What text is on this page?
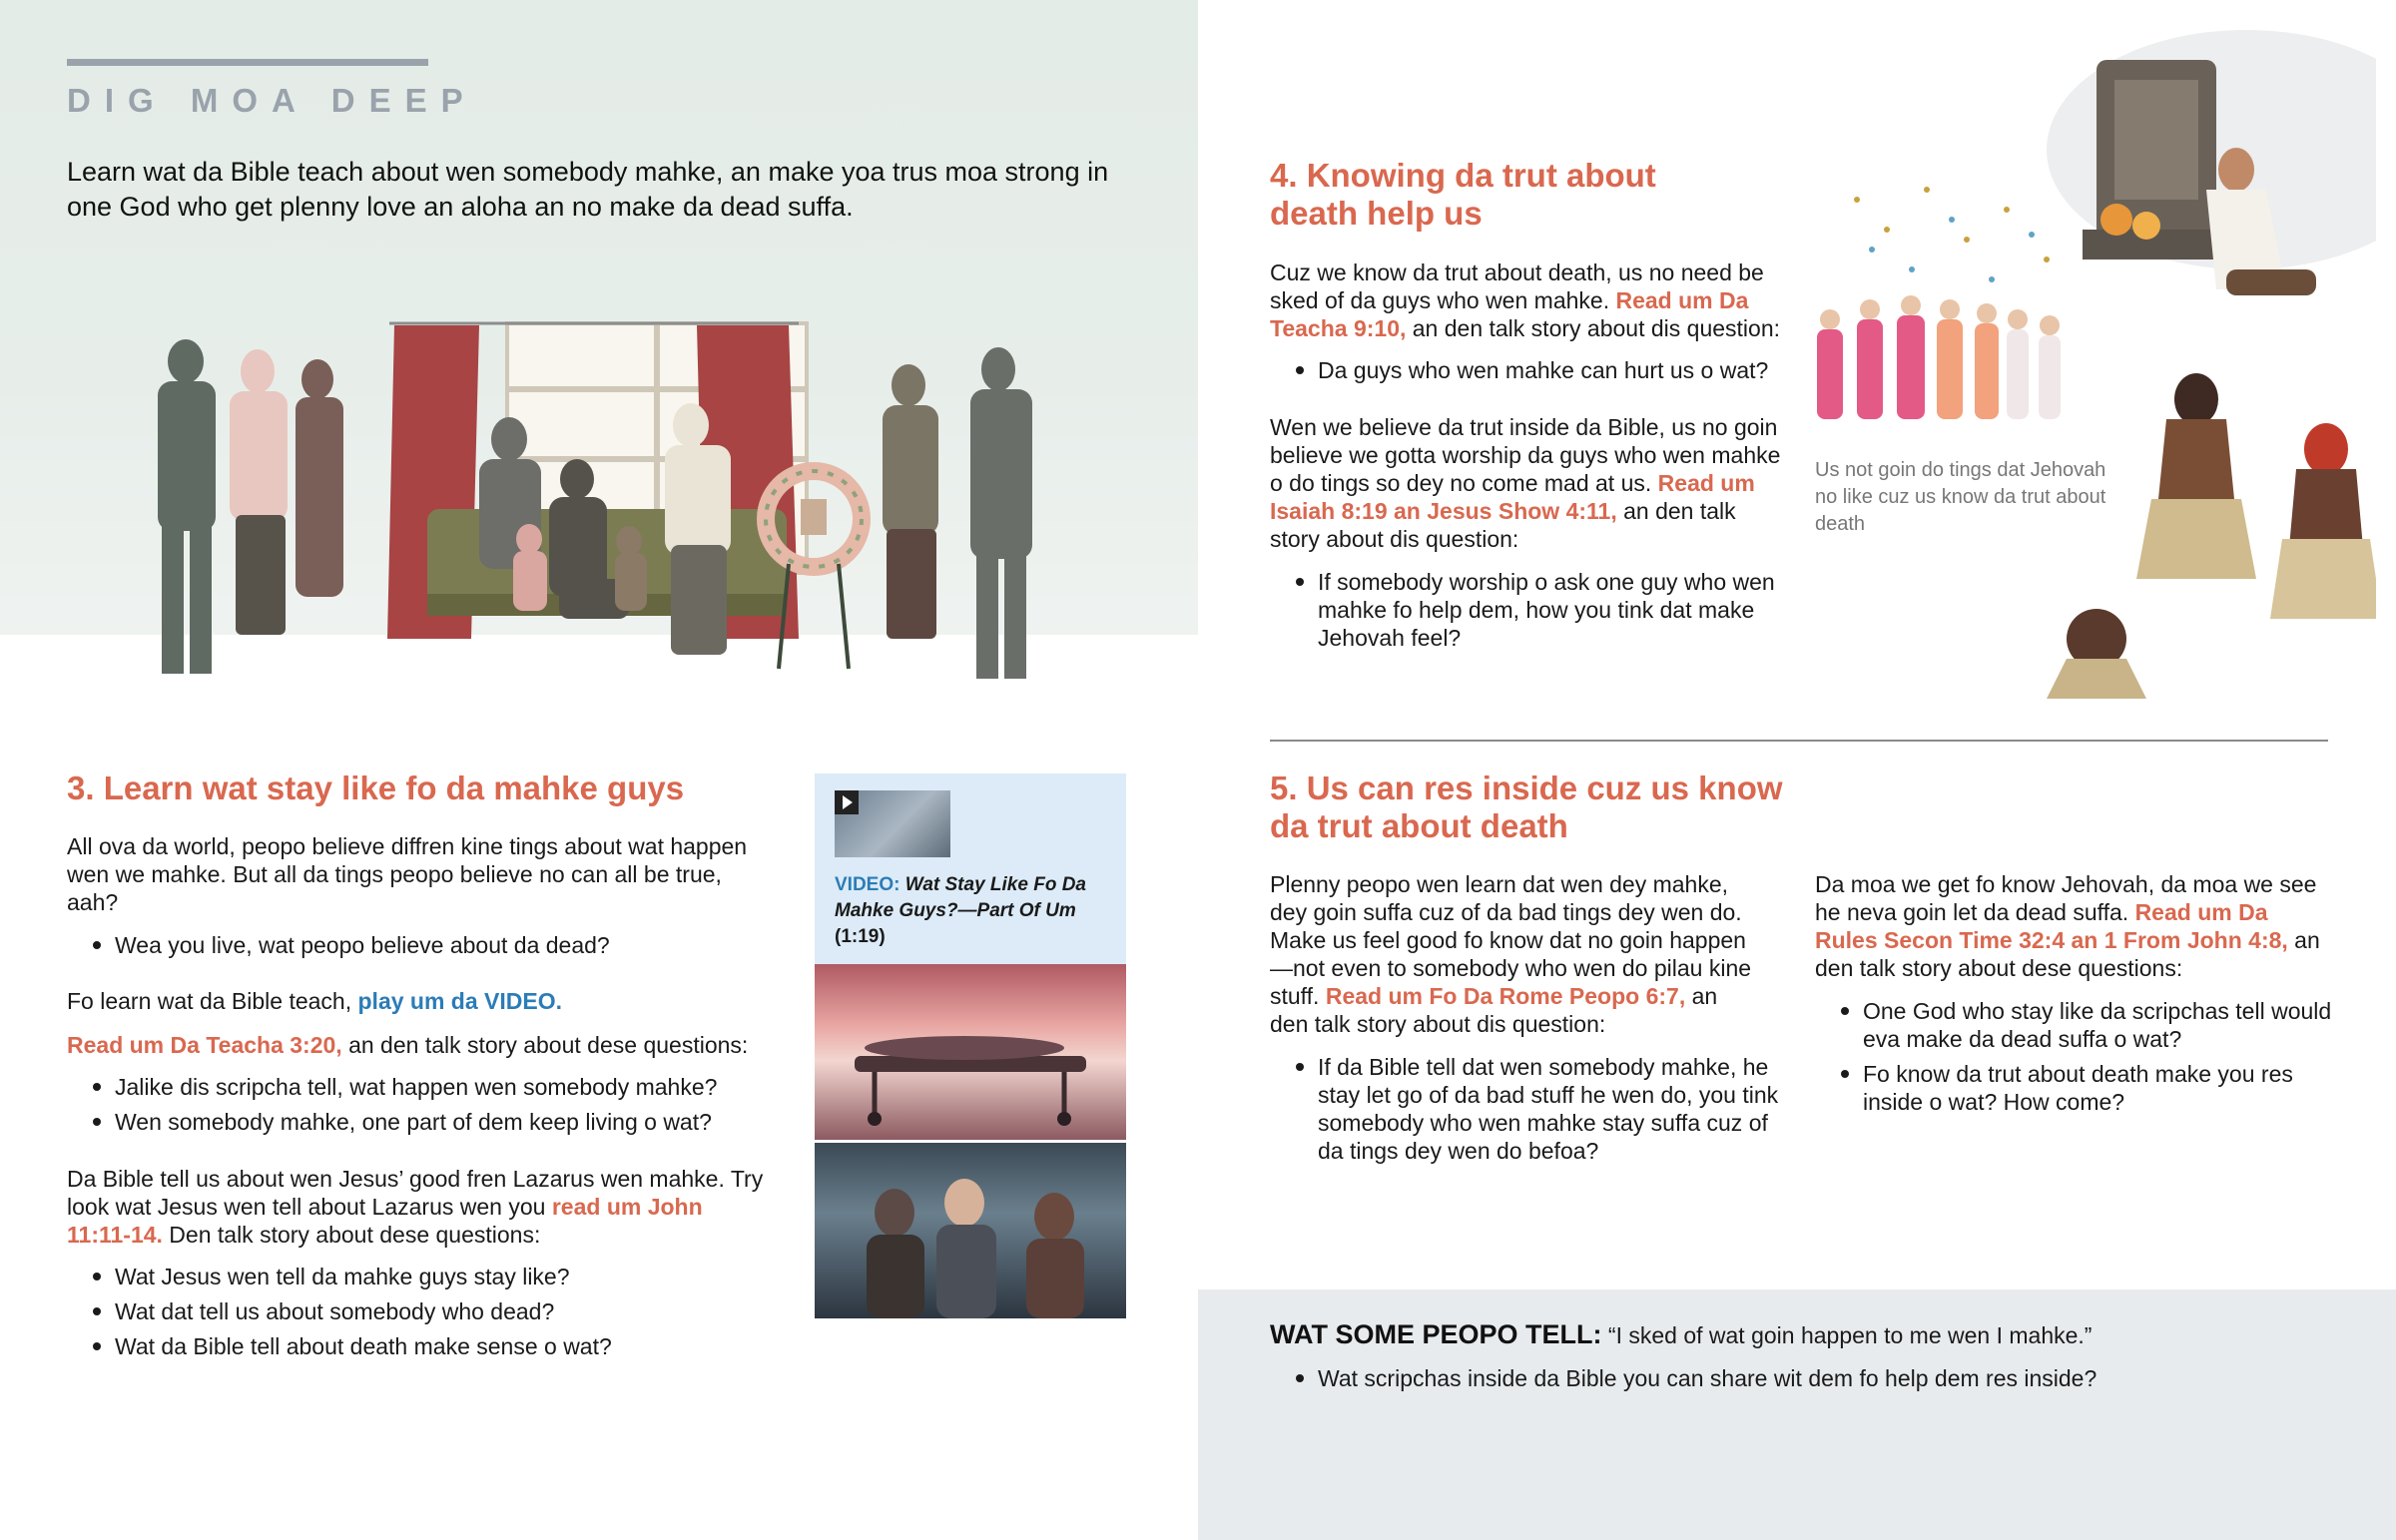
DIG MOA DEEP
Learn wat da Bible teach about wen somebody mahke, an make yoa trus moa strong in one God who get plenny love an aloha an no make da dead suffa.
3. Learn wat stay like fo da mahke guys
All ova da world, peopo believe diffren kine tings about wat happen wen we mahke. But all da tings peopo believe no can all be true, aah?
Wea you live, wat peopo believe about da dead?
Fo learn wat da Bible teach, play um da VIDEO.
Read um Da Teacha 3:20, an den talk story about dese questions:
Jalike dis scripcha tell, wat happen wen somebody mahke?
Wen somebody mahke, one part of dem keep living o wat?
Da Bible tell us about wen Jesus’ good fren Lazarus wen mahke. Try look wat Jesus wen tell about Lazarus wen you read um John 11:11-14. Den talk story about dese questions:
Wat Jesus wen tell da mahke guys stay like?
Wat dat tell us about somebody who dead?
Wat da Bible tell about death make sense o wat?
VIDEO: Wat Stay Like Fo Da Mahke Guys?—Part Of Um
(1:19)
4. Knowing da trut about death help us
Cuz we know da trut about death, us no need be sked of da guys who wen mahke. Read um Da Teacha 9:10, an den talk story about dis question:
Da guys who wen mahke can hurt us o wat?
Wen we believe da trut inside da Bible, us no goin believe we gotta worship da guys who wen mahke o do tings so dey no come mad at us. Read um Isaiah 8:19 an Jesus Show 4:11, an den talk story about dis question:
If somebody worship o ask one guy who wen mahke fo help dem, how you tink dat make Jehovah feel?
Us not goin do tings dat Jehovah no like cuz us know da trut about death
5. Us can res inside cuz us know da trut about death
Plenny peopo wen learn dat wen dey mahke, dey goin suffa cuz of da bad tings dey wen do. Make us feel good fo know dat no goin happen —not even to somebody who wen do pilau kine stuff. Read um Fo Da Rome Peopo 6:7, an den talk story about dis question:
If da Bible tell dat wen somebody mahke, he stay let go of da bad stuff he wen do, you tink somebody who wen mahke stay suffa cuz of da tings dey wen do befoa?
Da moa we get fo know Jehovah, da moa we see he neva goin let da dead suffa. Read um Da Rules Secon Time 32:4 an 1 From John 4:8, an den talk story about dese questions:
One God who stay like da scripchas tell would eva make da dead suffa o wat?
Fo know da trut about death make you res inside o wat? How come?
WAT SOME PEOPO TELL: “I sked of wat goin happen to me wen I mahke.”
Wat scripchas inside da Bible you can share wit dem fo help dem res inside?
